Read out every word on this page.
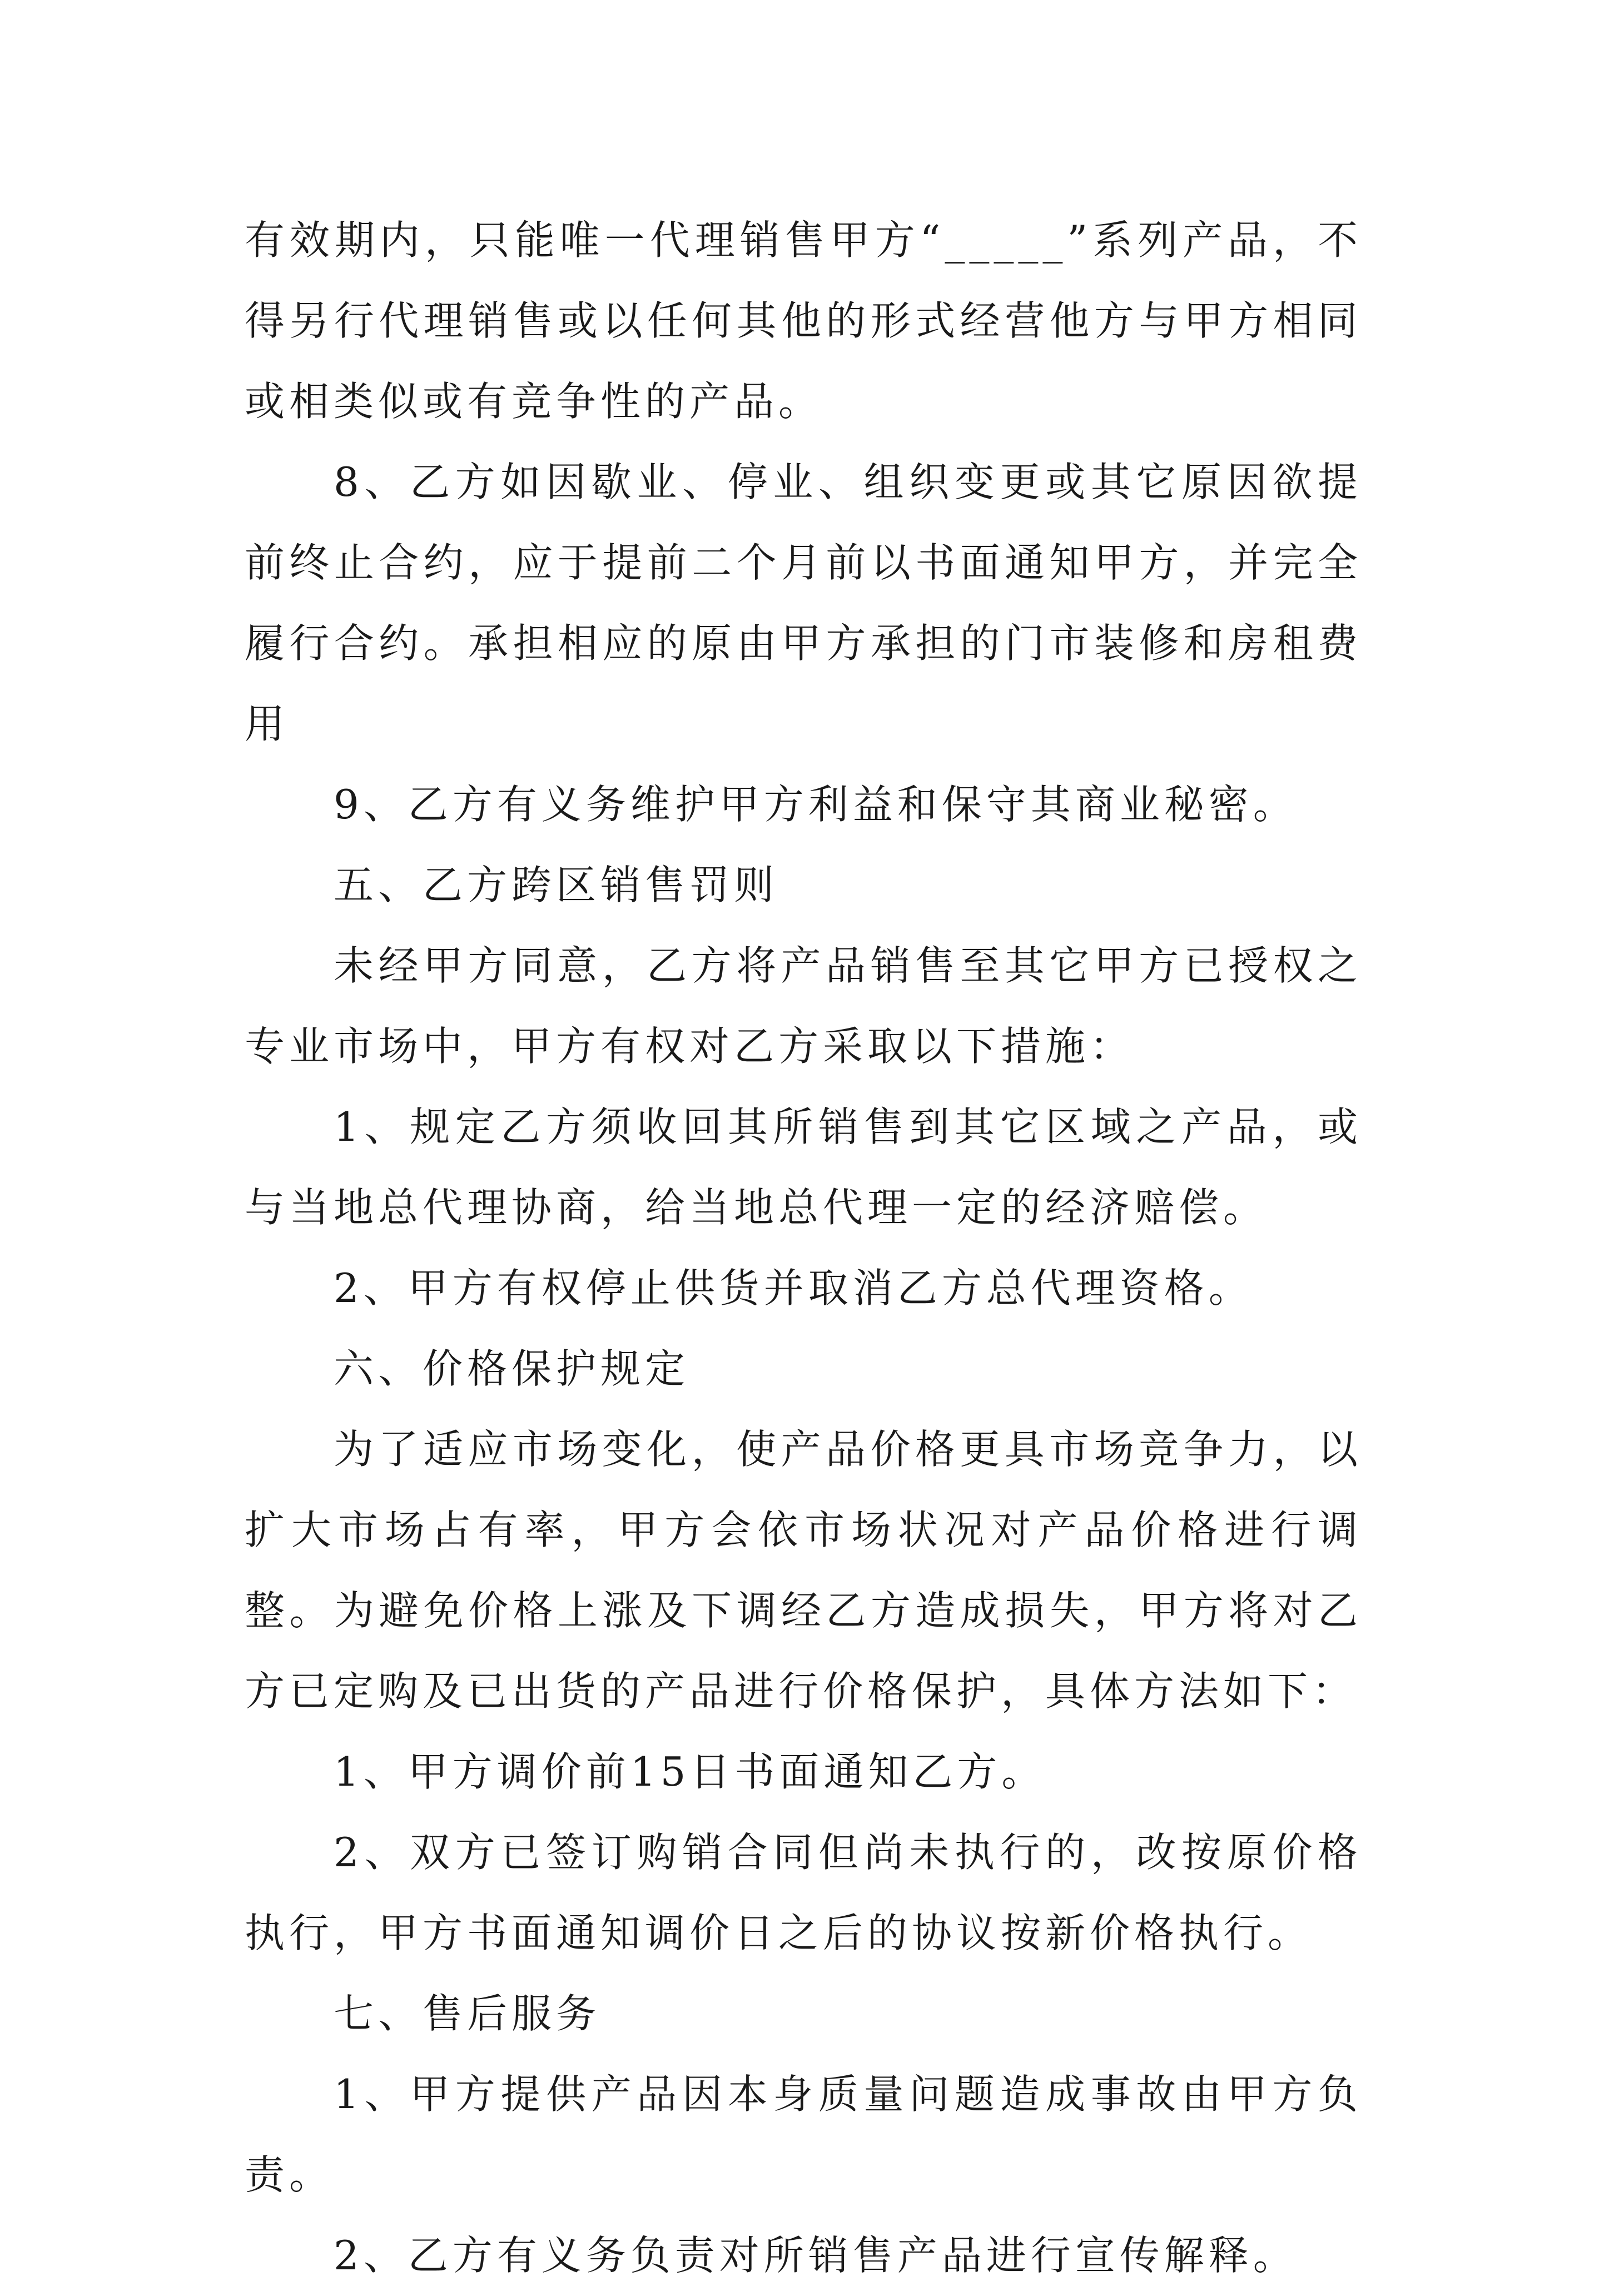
有效期内，只能唯一代理销售甲方“_____”系列产品，不得另行代理销售或以任何其他的形式经营他方与甲方相同或相类似或有竞争性的产品。

8、乙方如因歇业、停业、组织变更或其它原因欲提前终止合约，应于提前二个月前以书面通知甲方，并完全履行合约。承担相应的原由甲方承担的门市装修和房租费用

9、乙方有义务维护甲方利益和保守其商业秘密。

五、乙方跨区销售罚则

未经甲方同意，乙方将产品销售至其它甲方已授权之专业市场中，甲方有权对乙方采取以下措施：

1、规定乙方须收回其所销售到其它区域之产品，或与当地总代理协商，给当地总代理一定的经济赔偿。

2、甲方有权停止供货并取消乙方总代理资格。

六、价格保护规定

为了适应市场变化，使产品价格更具市场竞争力，以扩大市场占有率，甲方会依市场状况对产品价格进行调整。为避免价格上涨及下调经乙方造成损失，甲方将对乙方已定购及已出货的产品进行价格保护，具体方法如下：

1、甲方调价前15日书面通知乙方。

2、双方已签订购销合同但尚未执行的，改按原价格执行，甲方书面通知调价日之后的协议按新价格执行。

七、售后服务

1、甲方提供产品因本身质量问题造成事故由甲方负责。

2、乙方有义务负责对所销售产品进行宣传解释。
